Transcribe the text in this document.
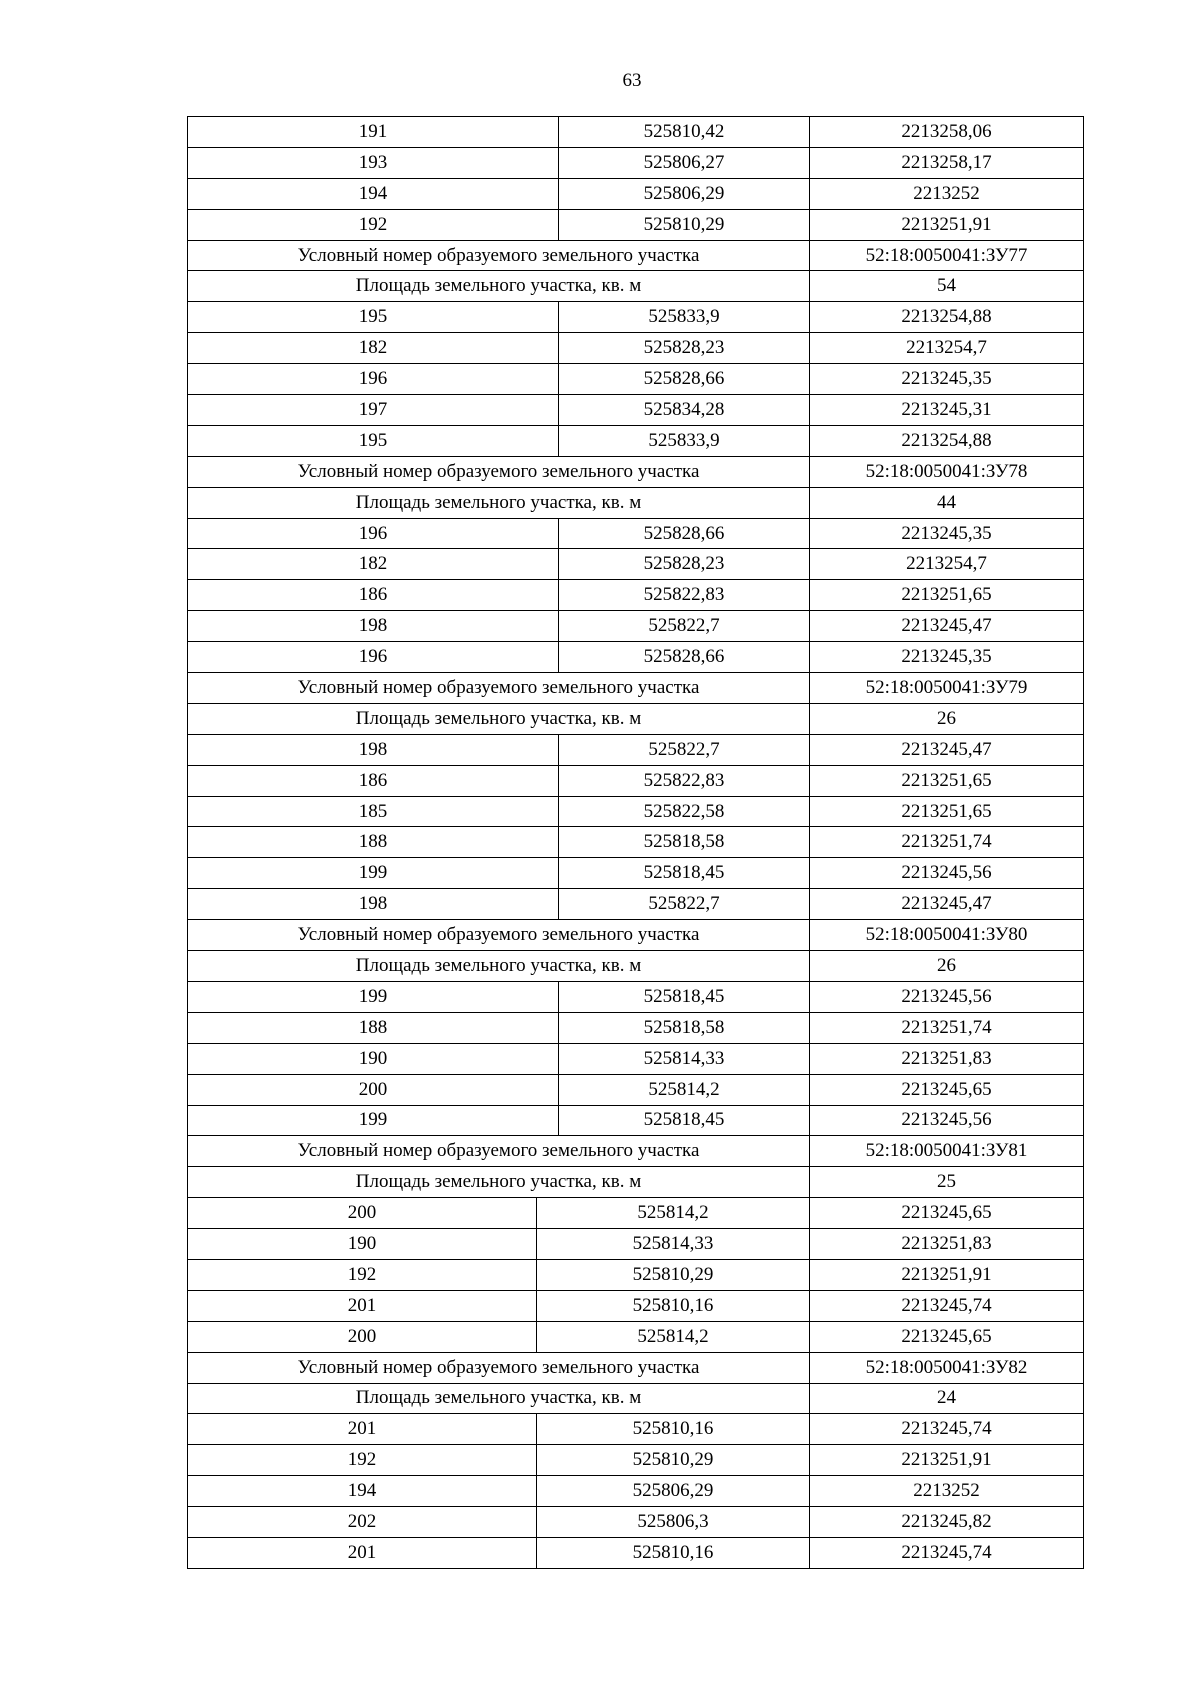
63
191	525810,42	2213258,06
193	525806,27	2213258,17
194	525806,29	2213252
192	525810,29	2213251,91
Условный номер образуемого земельного участка		52:18:0050041:ЗУ77
Площадь земельного участка, кв. м		54
195	525833,9	2213254,88
182	525828,23	2213254,7
196	525828,66	2213245,35
197	525834,28	2213245,31
195	525833,9	2213254,88
Условный номер образуемого земельного участка		52:18:0050041:ЗУ78
Площадь земельного участка, кв. м		44
196	525828,66	2213245,35
182	525828,23	2213254,7
186	525822,83	2213251,65
198	525822,7	2213245,47
196	525828,66	2213245,35
Условный номер образуемого земельного участка		52:18:0050041:ЗУ79
Площадь земельного участка, кв. м		26
198	525822,7	2213245,47
186	525822,83	2213251,65
185	525822,58	2213251,65
188	525818,58	2213251,74
199	525818,45	2213245,56
198	525822,7	2213245,47
Условный номер образуемого земельного участка		52:18:0050041:ЗУ80
Площадь земельного участка, кв. м		26
199	525818,45	2213245,56
188	525818,58	2213251,74
190	525814,33	2213251,83
200	525814,2	2213245,65
199	525818,45	2213245,56
Условный номер образуемого земельного участка		52:18:0050041:ЗУ81
Площадь земельного участка, кв. м		25
200	525814,2	2213245,65
190	525814,33	2213251,83
192	525810,29	2213251,91
201	525810,16	2213245,74
200	525814,2	2213245,65
Условный номер образуемого земельного участка		52:18:0050041:ЗУ82
Площадь земельного участка, кв. м		24
201	525810,16	2213245,74
192	525810,29	2213251,91
194	525806,29	2213252
202	525806,3	2213245,82
201	525810,16	2213245,74
